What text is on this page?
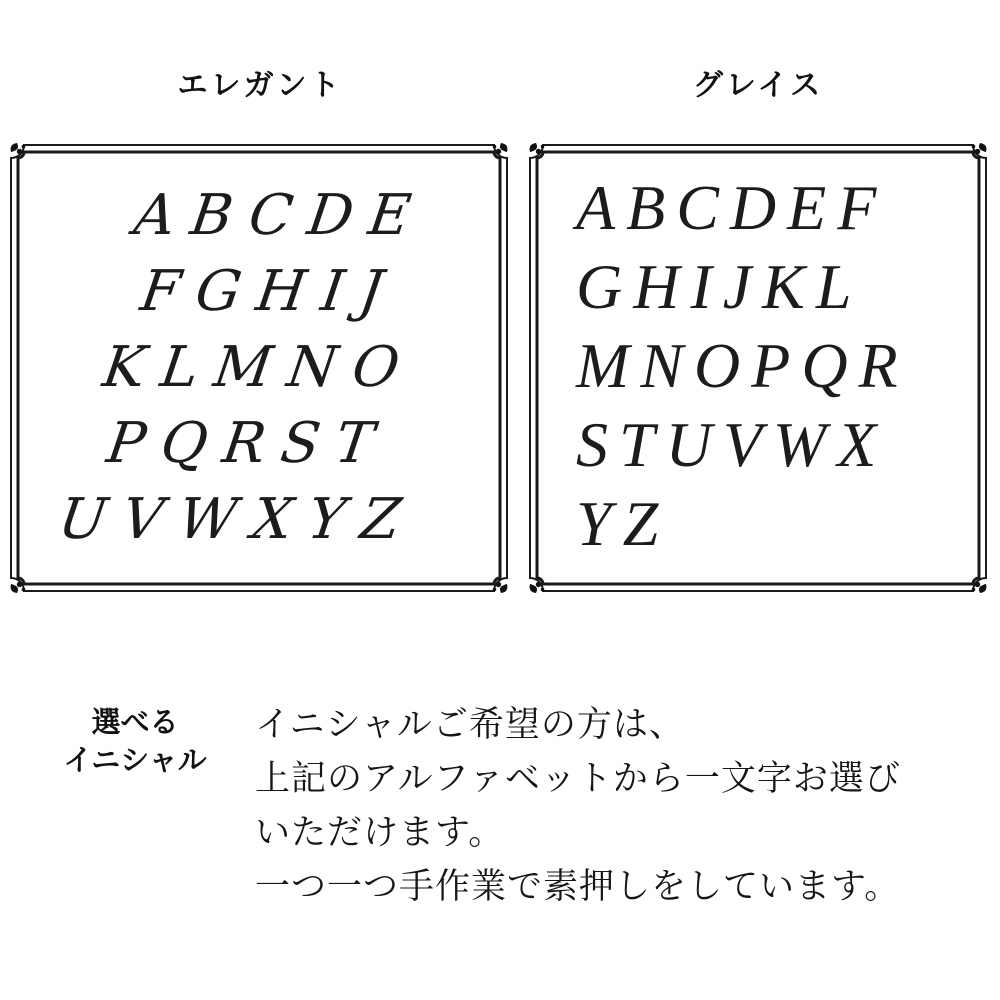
エレガント	グレイス
ABCDE
FGHIJ
KLMNO
PQRST
UVWXYZ
ABCDEF
GHIJKL
MNOPQR
STUVWX
YZ
選べる
イニシャル
イニシャルご希望の方は、
上記のアルファベットから一文字お選び
いただけます。
一つ一つ手作業で素押しをしています。
